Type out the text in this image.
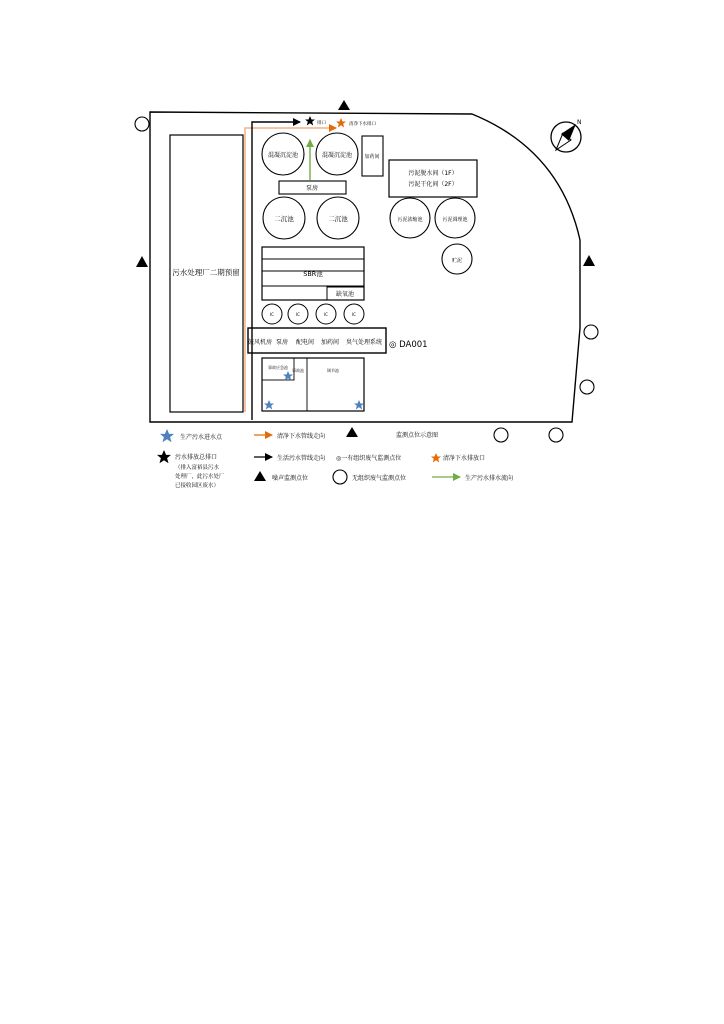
污水处理厂二期预留
排口	清净下水排口
混凝沉淀池	混凝沉淀池 加药间
泵房
二沉池	二沉池
污泥脱水间（1F）
污泥干化间（2F）
污泥浓缩池	污泥调理池
贮泥
SBR池
缺氧池
IC	IC	IC	IC
鼓风机房 泵房 配电间 加药间 臭气处理系统 ◎ DA001
事故应急池
事故池	调节池
N
生产污水进水点	清净下水管线走向	监测点位示意图
污水排放总排口
（排入富裕县污水
处理厂，此污水处厂
已接收园区废水）
生活污水管线走向 ◎一有组织废气监测点位	清净下水排放口
噪声监测点位	无组织废气监测点位	生产污水排水流向
